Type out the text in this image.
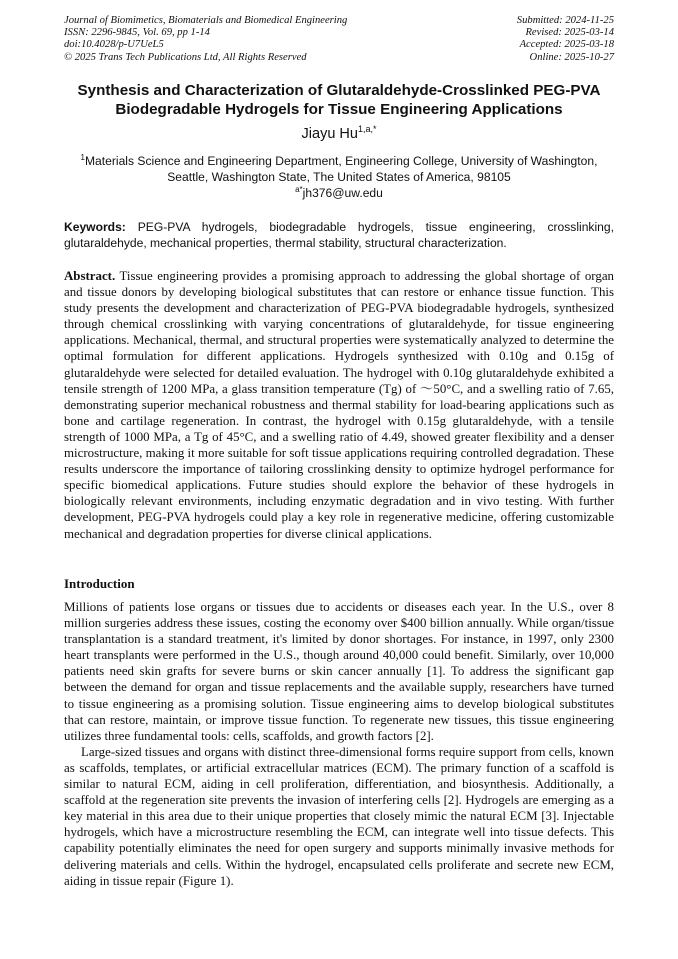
Journal of Biomimetics, Biomaterials and Biomedical Engineering
ISSN: 2296-9845, Vol. 69, pp 1-14
doi:10.4028/p-U7UeL5
© 2025 Trans Tech Publications Ltd, All Rights Reserved
Submitted: 2024-11-25
Revised: 2025-03-14
Accepted: 2025-03-18
Online: 2025-10-27
Synthesis and Characterization of Glutaraldehyde-Crosslinked PEG-PVA Biodegradable Hydrogels for Tissue Engineering Applications
Jiayu $Hu^{1,a,*}$
$^1$Materials Science and Engineering Department, Engineering College, University of Washington, Seattle, Washington State, The United States of America, 98105
$^{a*}$jh376@uw.edu
Keywords: PEG-PVA hydrogels, biodegradable hydrogels, tissue engineering, crosslinking, glutaraldehyde, mechanical properties, thermal stability, structural characterization.
Abstract. Tissue engineering provides a promising approach to addressing the global shortage of organ and tissue donors by developing biological substitutes that can restore or enhance tissue function. This study presents the development and characterization of PEG-PVA biodegradable hydrogels, synthesized through chemical crosslinking with varying concentrations of glutaraldehyde, for tissue engineering applications. Mechanical, thermal, and structural properties were systematically analyzed to determine the optimal formulation for different applications. Hydrogels synthesized with 0.10g and 0.15g of glutaraldehyde were selected for detailed evaluation. The hydrogel with 0.10g glutaraldehyde exhibited a tensile strength of 1200 MPa, a glass transition temperature (Tg) of ～50°C, and a swelling ratio of 7.65, demonstrating superior mechanical robustness and thermal stability for load-bearing applications such as bone and cartilage regeneration. In contrast, the hydrogel with 0.15g glutaraldehyde, with a tensile strength of 1000 MPa, a Tg of 45°C, and a swelling ratio of 4.49, showed greater flexibility and a denser microstructure, making it more suitable for soft tissue applications requiring controlled degradation. These results underscore the importance of tailoring crosslinking density to optimize hydrogel performance for specific biomedical applications. Future studies should explore the behavior of these hydrogels in biologically relevant environments, including enzymatic degradation and in vivo testing. With further development, PEG-PVA hydrogels could play a key role in regenerative medicine, offering customizable mechanical and degradation properties for diverse clinical applications.
Introduction

Millions of patients lose organs or tissues due to accidents or diseases each year. In the U.S., over 8 million surgeries address these issues, costing the economy over $400 billion annually. While organ/tissue transplantation is a standard treatment, it's limited by donor shortages. For instance, in 1997, only 2300 heart transplants were performed in the U.S., though around 40,000 could benefit. Similarly, over 10,000 patients need skin grafts for severe burns or skin cancer annually [1]. To address the significant gap between the demand for organ and tissue replacements and the available supply, researchers have turned to tissue engineering as a promising solution. Tissue engineering aims to develop biological substitutes that can restore, maintain, or improve tissue function. To regenerate new tissues, this tissue engineering utilizes three fundamental tools: cells, scaffolds, and growth factors [2].

Large-sized tissues and organs with distinct three-dimensional forms require support from cells, known as scaffolds, templates, or artificial extracellular matrices (ECM). The primary function of a scaffold is similar to natural ECM, aiding in cell proliferation, differentiation, and biosynthesis. Additionally, a scaffold at the regeneration site prevents the invasion of interfering cells [2]. Hydrogels are emerging as a key material in this area due to their unique properties that closely mimic the natural ECM [3]. Injectable hydrogels, which have a microstructure resembling the ECM, can integrate well into tissue defects. This capability potentially eliminates the need for open surgery and supports minimally invasive methods for delivering materials and cells. Within the hydrogel, encapsulated cells proliferate and secrete new ECM, aiding in tissue repair (Figure 1).
